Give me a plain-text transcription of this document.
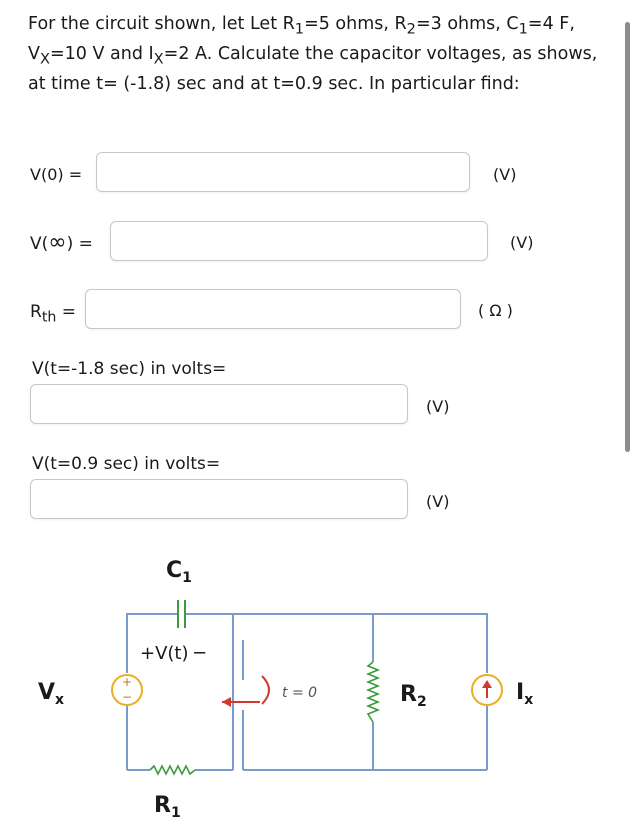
For the circuit shown, let Let $R_1=5$ ohms, $R_2=3$ ohms, $C_1=4$ F, $V_X=10$ V and $I_X=2$ A. Calculate the capacitor voltages, as shows, at time t= (-1.8) sec and at t=0.9 sec. In particular find:

V(0) =	(V)
V(∞) =	(V)
$R_{th}$ =	( Ω )
V(t=-1.8 sec) in volts=
(V)
V(t=0.9 sec) in volts=
(V)
$C_1$
+V(t) ─
+
−
$V_x$	t = 0	$R_2$	$I_x$
$R_1$
